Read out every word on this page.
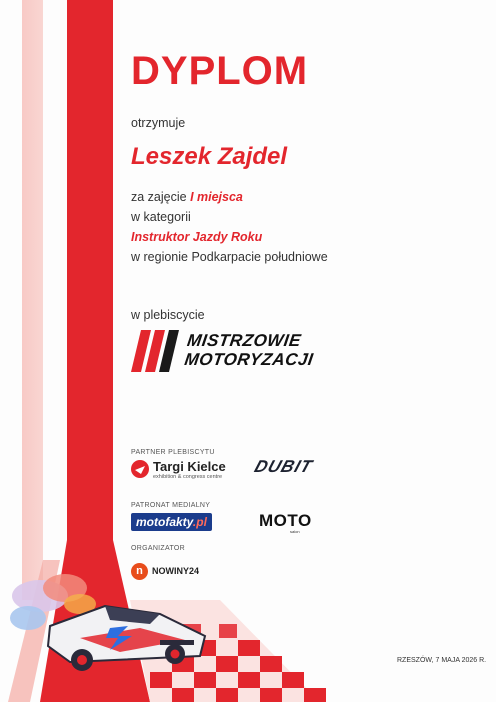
DYPLOM
otrzymuje
Leszek Zajdel
za zajęcie I miejsca
w kategorii
Instruktor Jazdy Roku
w regionie Podkarpacie południowe
w plebiscycie
MISTRZOWIE
MOTORYZACJI
PARTNER PLEBISCYTU
Targi Kielce
exhibition & congress centre
DUBIT
PATRONAT MEDIALNY
motofakty.pl	MOTO
salon
ORGANIZATOR
n	NOWINY24
RZESZÓW, 7 MAJA 2026 R.
